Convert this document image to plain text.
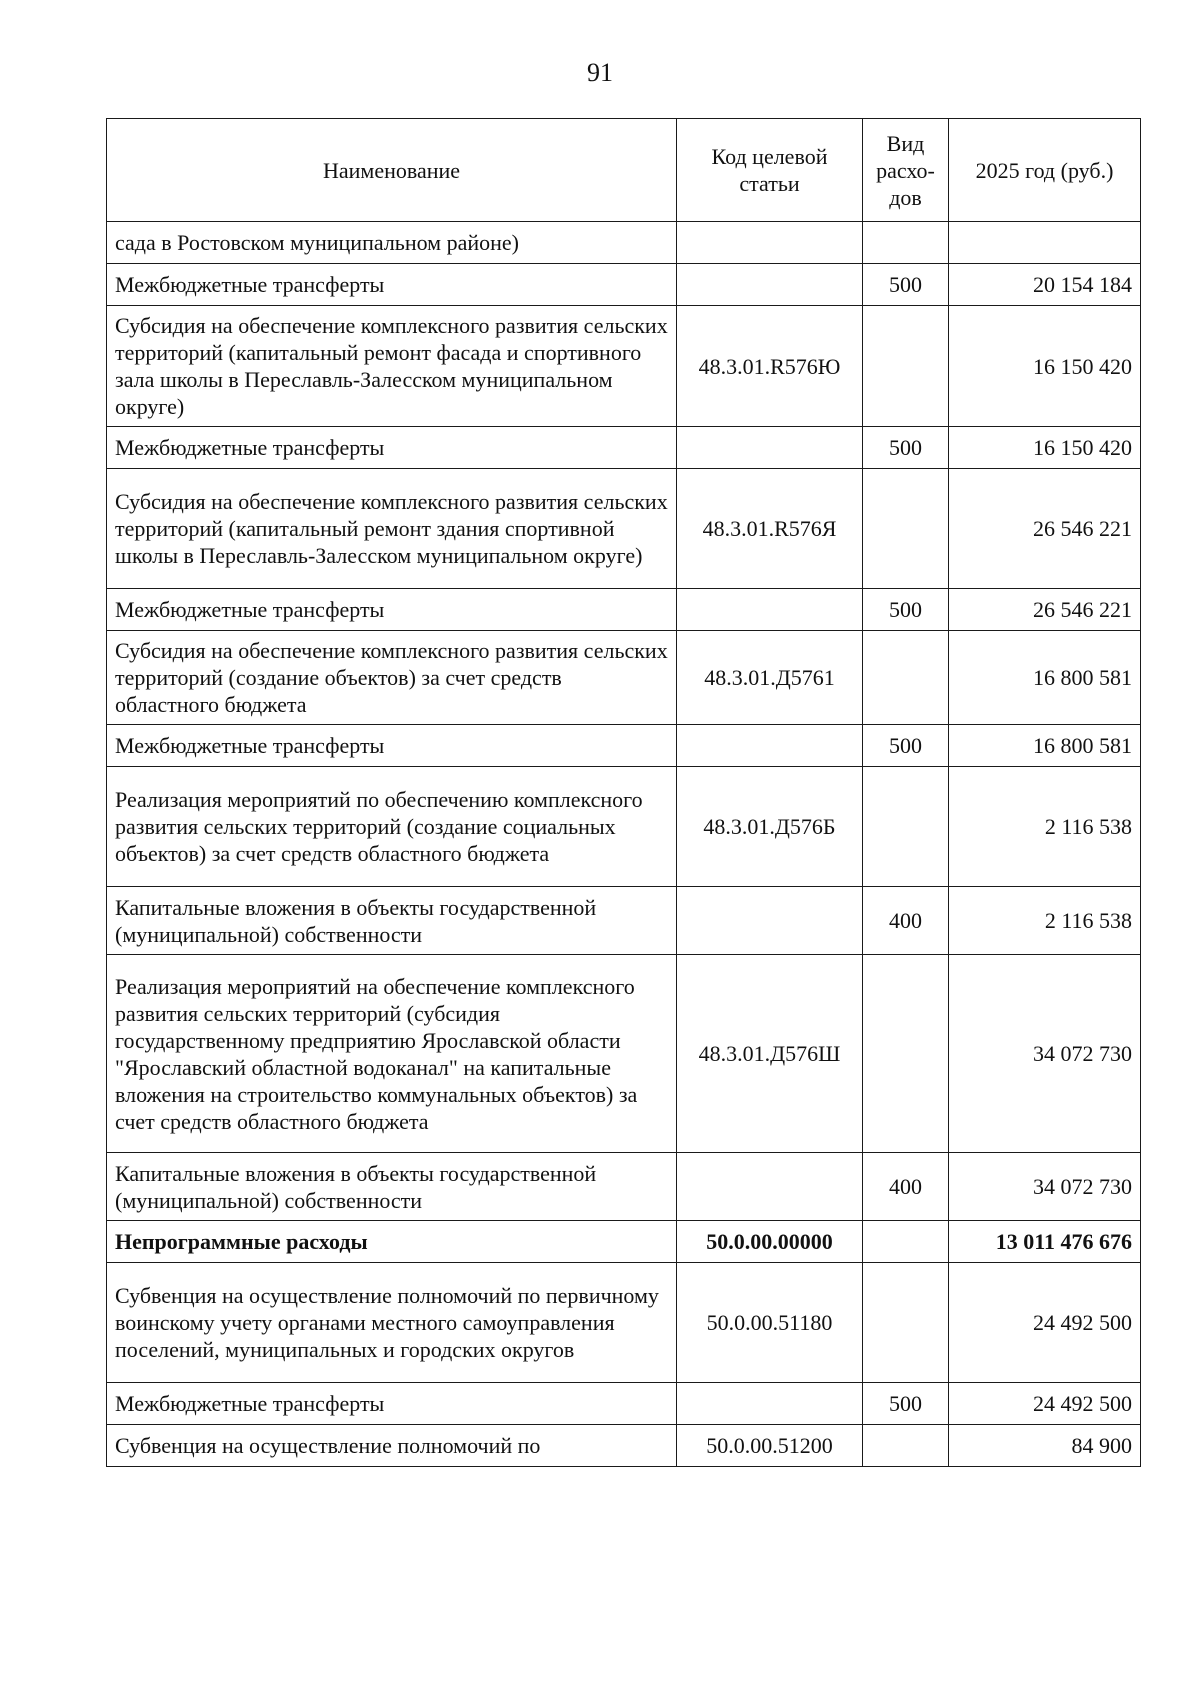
91
Наименование	Код целевой статьи	Вид расхо-дов	2025 год (руб.)
сада в Ростовском муниципальном районе)			
Межбюджетные трансферты		500	20 154 184
Субсидия на обеспечение комплексного развития сельских территорий (капитальный ремонт фасада и спортивного зала школы в Переславль-Залесском муниципальном округе)	48.3.01.R576Ю		16 150 420
Межбюджетные трансферты		500	16 150 420
Субсидия на обеспечение комплексного развития сельских территорий (капитальный ремонт здания спортивной школы в Переславль-Залесском муниципальном округе)	48.3.01.R576Я		26 546 221
Межбюджетные трансферты		500	26 546 221
Субсидия на обеспечение комплексного развития сельских территорий (создание объектов) за счет средств областного бюджета	48.3.01.Д5761		16 800 581
Межбюджетные трансферты		500	16 800 581
Реализация мероприятий по обеспечению комплексного развития сельских территорий (создание социальных объектов) за счет средств областного бюджета	48.3.01.Д576Б		2 116 538
Капитальные вложения в объекты государственной (муниципальной) собственности		400	2 116 538
Реализация мероприятий на обеспечение комплексного развития сельских территорий (субсидия государственному предприятию Ярославской области "Ярославский областной водоканал" на капитальные вложения на строительство коммунальных объектов) за счет средств областного бюджета	48.3.01.Д576Ш		34 072 730
Капитальные вложения в объекты государственной (муниципальной) собственности		400	34 072 730
Непрограммные расходы	50.0.00.00000		13 011 476 676
Субвенция на осуществление полномочий по первичному воинскому учету органами местного самоуправления поселений, муниципальных и городских округов	50.0.00.51180		24 492 500
Межбюджетные трансферты		500	24 492 500
Субвенция на осуществление полномочий по	50.0.00.51200		84 900
